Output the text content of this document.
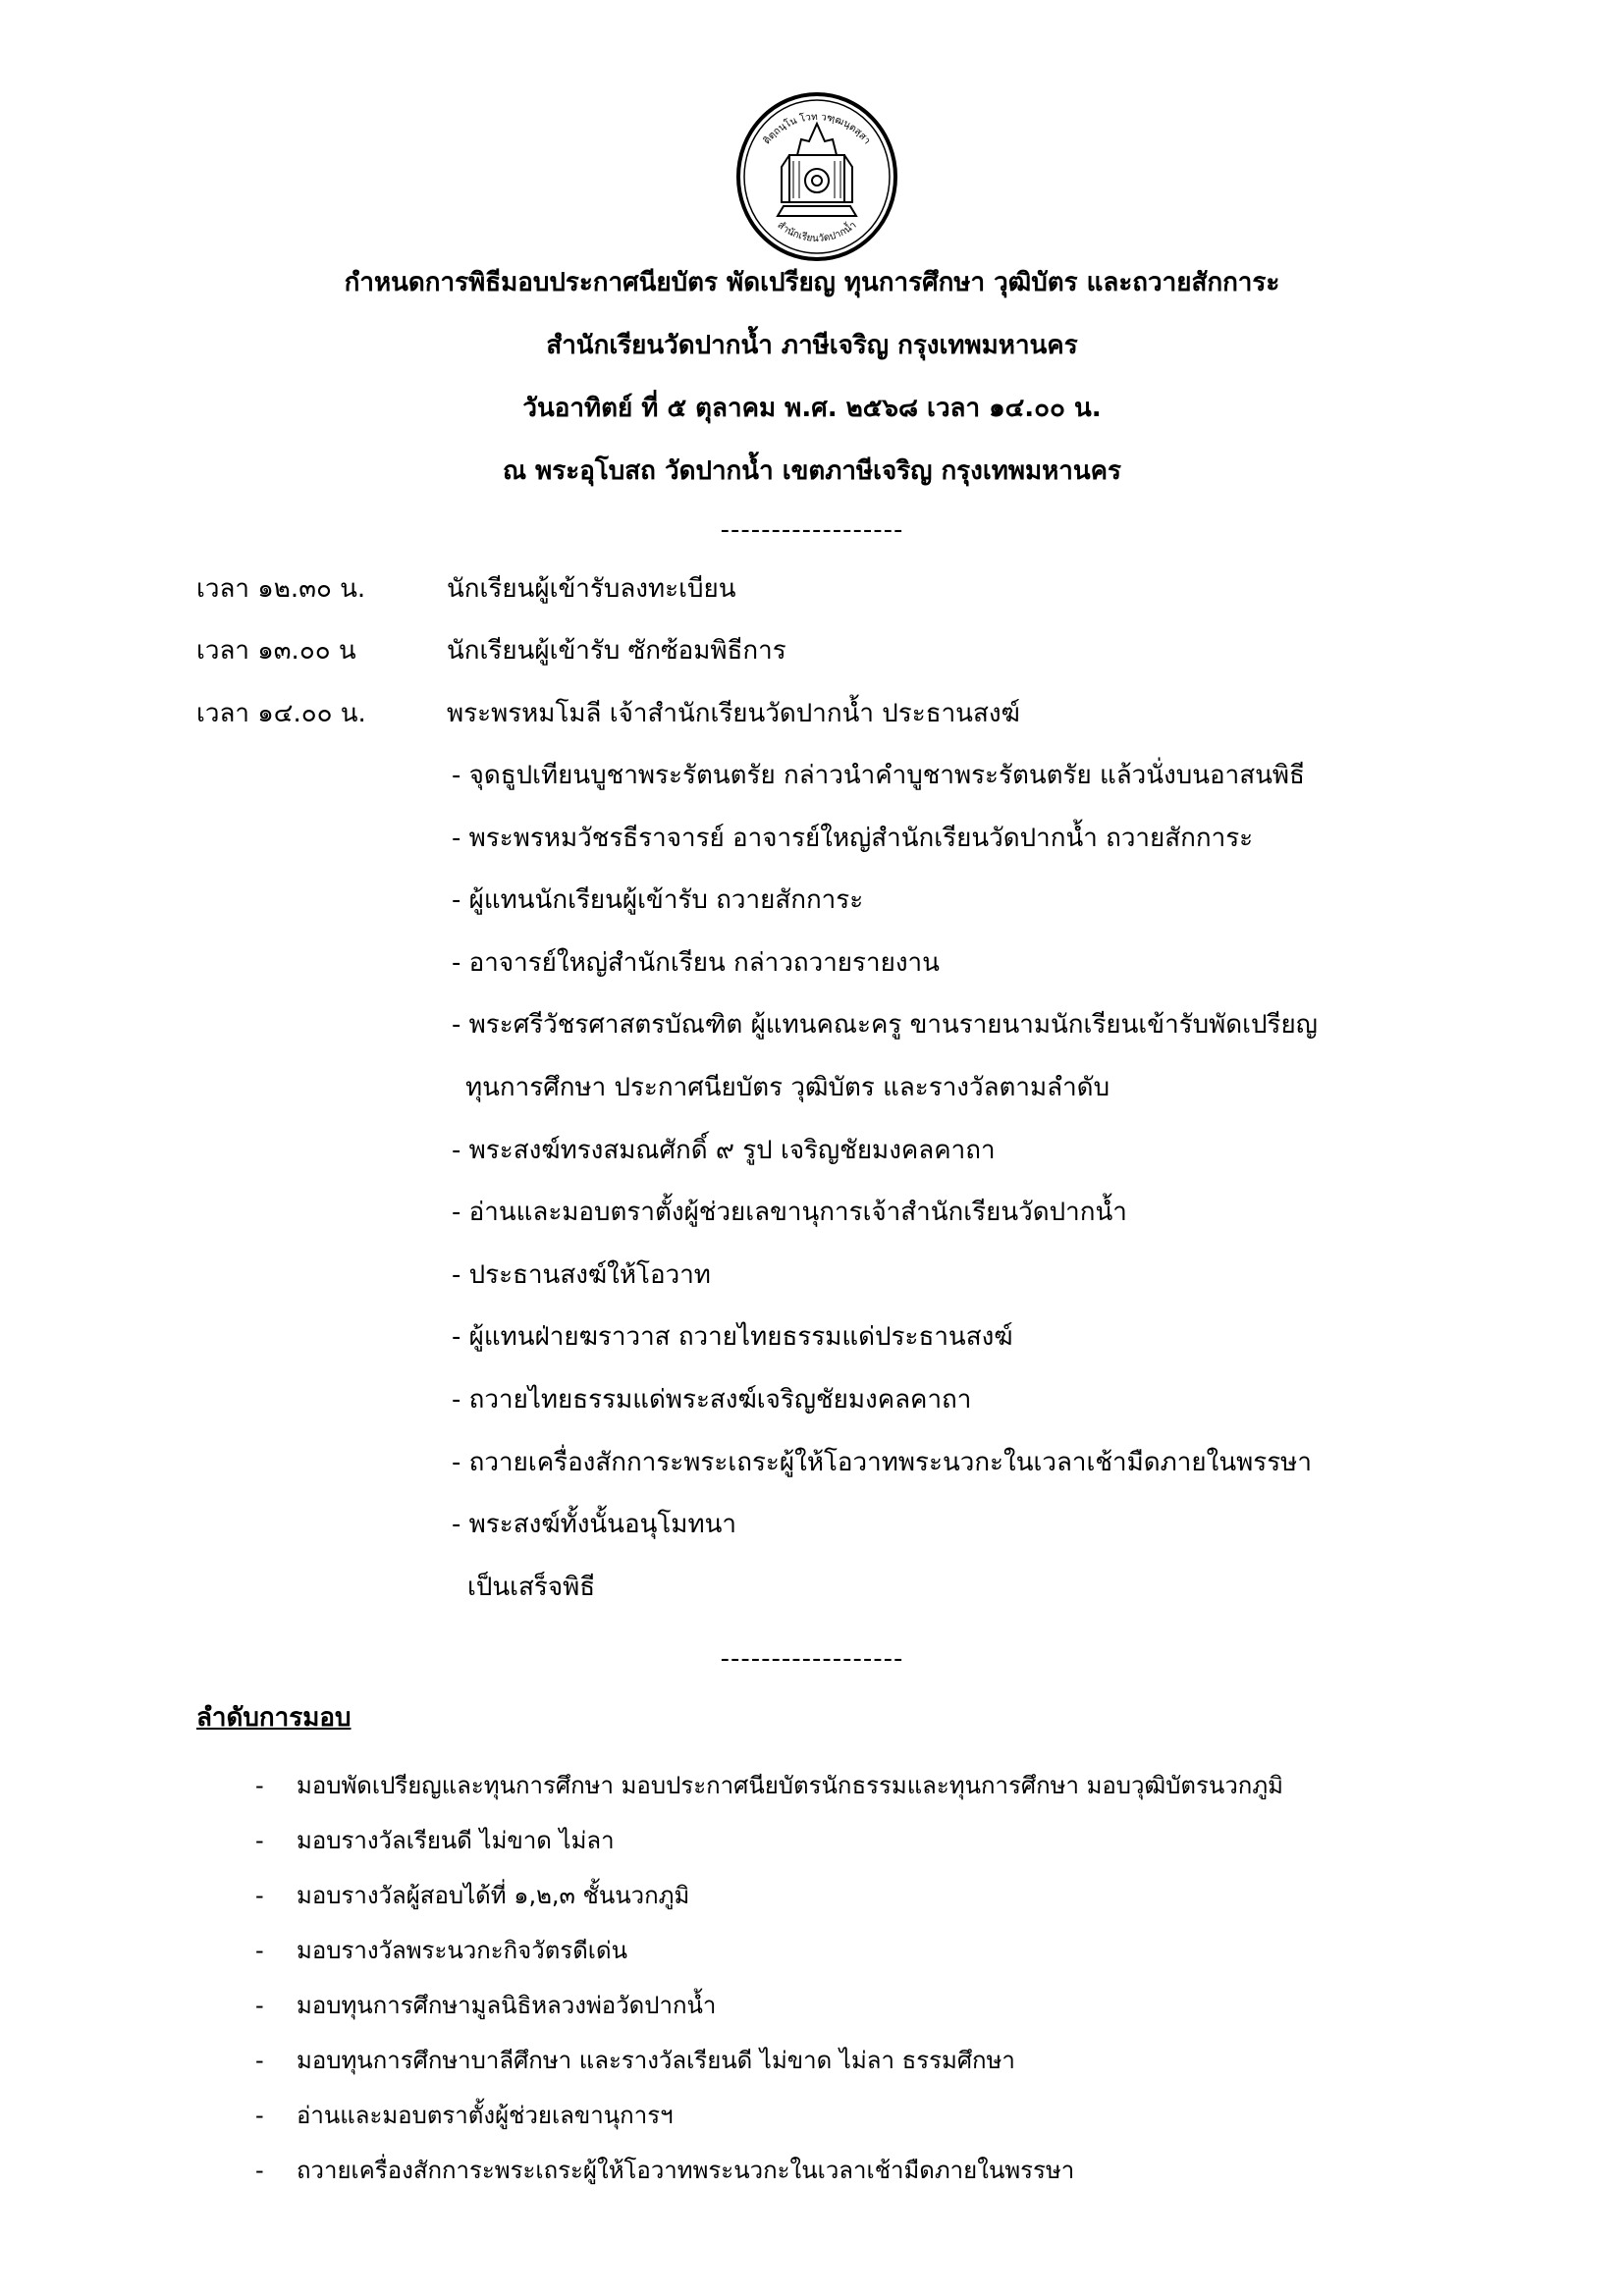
ติตฺถนฺโน โวท วฑฺฒนฺตสฺสา
สำนักเรียนวัดปากน้ำ
กำหนดการพิธีมอบประกาศนียบัตร พัดเปรียญ ทุนการศึกษา วุฒิบัตร และถวายสักการะ
สำนักเรียนวัดปากน้ำ ภาษีเจริญ กรุงเทพมหานคร
วันอาทิตย์ ที่ ๕ ตุลาคม พ.ศ. ๒๕๖๘ เวลา ๑๔.๐๐ น.
ณ พระอุโบสถ วัดปากน้ำ เขตภาษีเจริญ กรุงเทพมหานคร
------------------
เวลา ๑๒.๓๐ น.	นักเรียนผู้เข้ารับลงทะเบียน
เวลา ๑๓.๐๐ น	นักเรียนผู้เข้ารับ ซักซ้อมพิธีการ
เวลา ๑๔.๐๐ น.	พระพรหมโมลี เจ้าสำนักเรียนวัดปากน้ำ ประธานสงฆ์
- จุดธูปเทียนบูชาพระรัตนตรัย กล่าวนำคำบูชาพระรัตนตรัย แล้วนั่งบนอาสนพิธี
- พระพรหมวัชรธีราจารย์ อาจารย์ใหญ่สำนักเรียนวัดปากน้ำ ถวายสักการะ
- ผู้แทนนักเรียนผู้เข้ารับ ถวายสักการะ
- อาจารย์ใหญ่สำนักเรียน กล่าวถวายรายงาน
- พระศรีวัชรศาสตรบัณฑิต ผู้แทนคณะครู ขานรายนามนักเรียนเข้ารับพัดเปรียญ
ทุนการศึกษา ประกาศนียบัตร วุฒิบัตร และรางวัลตามลำดับ
- พระสงฆ์ทรงสมณศักดิ์ ๙ รูป เจริญชัยมงคลคาถา
- อ่านและมอบตราตั้งผู้ช่วยเลขานุการเจ้าสำนักเรียนวัดปากน้ำ
- ประธานสงฆ์ให้โอวาท
- ผู้แทนฝ่ายฆราวาส ถวายไทยธรรมแด่ประธานสงฆ์
- ถวายไทยธรรมแด่พระสงฆ์เจริญชัยมงคลคาถา
- ถวายเครื่องสักการะพระเถระผู้ให้โอวาทพระนวกะในเวลาเช้ามืดภายในพรรษา
- พระสงฆ์ทั้งนั้นอนุโมทนา
เป็นเสร็จพิธี
------------------
ลำดับการมอบ
- มอบพัดเปรียญและทุนการศึกษา มอบประกาศนียบัตรนักธรรมและทุนการศึกษา มอบวุฒิบัตรนวกภูมิ
- มอบรางวัลเรียนดี ไม่ขาด ไม่ลา
- มอบรางวัลผู้สอบได้ที่ ๑,๒,๓ ชั้นนวกภูมิ
- มอบรางวัลพระนวกะกิจวัตรดีเด่น
- มอบทุนการศึกษามูลนิธิหลวงพ่อวัดปากน้ำ
- มอบทุนการศึกษาบาลีศึกษา และรางวัลเรียนดี ไม่ขาด ไม่ลา ธรรมศึกษา
- อ่านและมอบตราตั้งผู้ช่วยเลขานุการฯ
- ถวายเครื่องสักการะพระเถระผู้ให้โอวาทพระนวกะในเวลาเช้ามืดภายในพรรษา
